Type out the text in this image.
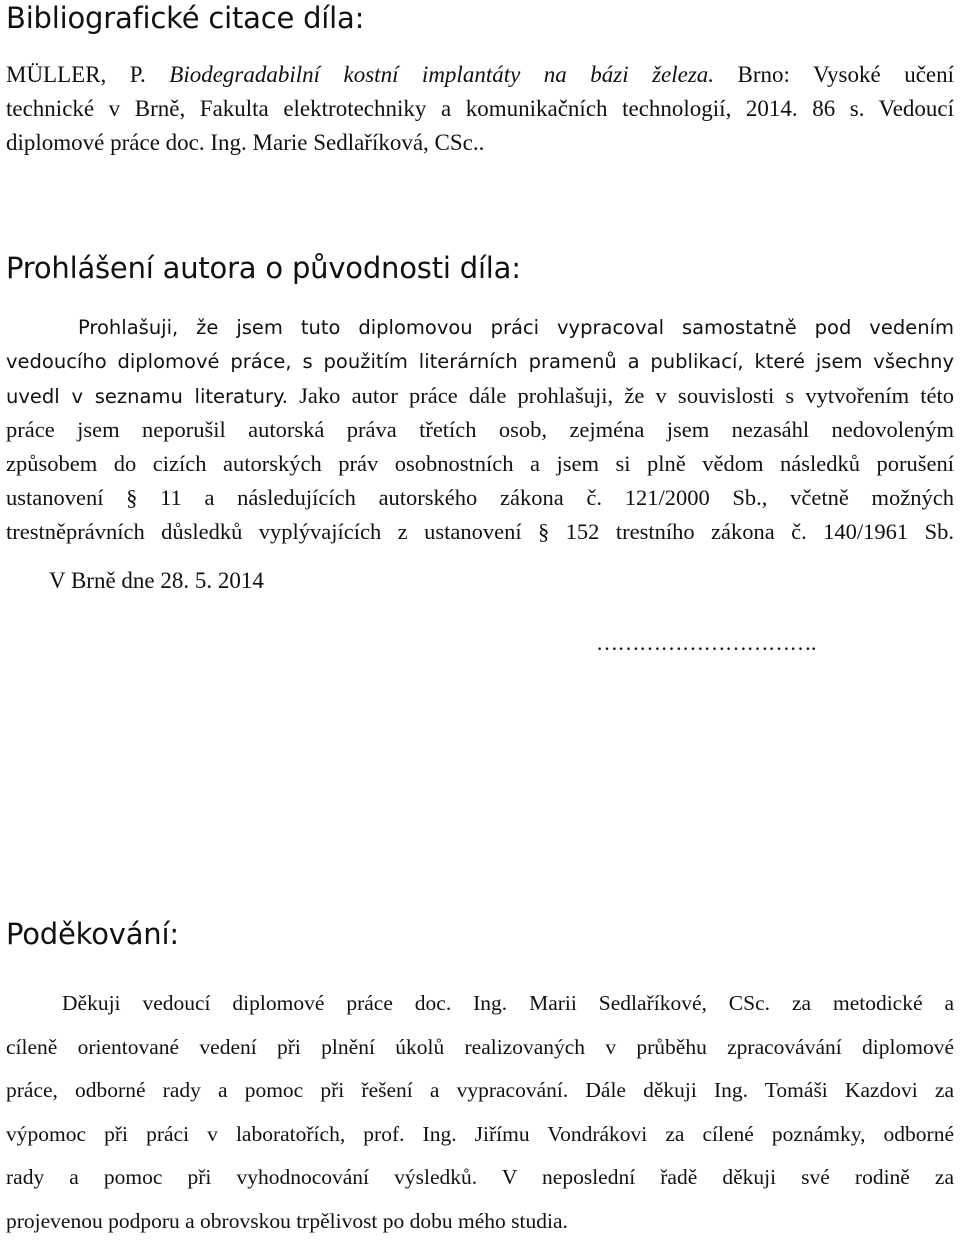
Bibliografické citace díla:
MÜLLER, P. Biodegradabilní kostní implantáty na bázi železa. Brno: Vysoké učení
technické v Brně, Fakulta elektrotechniky a komunikačních technologií, 2014. 86 s. Vedoucí
diplomové práce doc. Ing. Marie Sedlaříková, CSc..
Prohlášení autora o původnosti díla:
Prohlašuji, že jsem tuto diplomovou práci vypracoval samostatně pod vedením
vedoucího diplomové práce, s použitím literárních pramenů a publikací, které jsem všechny
uvedl v seznamu literatury. Jako autor práce dále prohlašuji, že v souvislosti s vytvořením této
práce jsem neporušil autorská práva třetích osob, zejména jsem nezasáhl nedovoleným
způsobem do cizích autorských práv osobnostních a jsem si plně vědom následků porušení
ustanovení § 11 a následujících autorského zákona č. 121/2000 Sb., včetně možných
trestněprávních důsledků vyplývajících z ustanovení § 152 trestního zákona č. 140/1961 Sb.
V Brně dne 28. 5. 2014
………………………….
Poděkování:
Děkuji vedoucí diplomové práce doc. Ing. Marii Sedlaříkové, CSc. za metodické a
cíleně orientované vedení při plnění úkolů realizovaných v průběhu zpracovávání diplomové
práce, odborné rady a pomoc při řešení a vypracování. Dále děkuji Ing. Tomáši Kazdovi za
výpomoc při práci v laboratořích, prof. Ing. Jiřímu Vondrákovi za cílené poznámky, odborné
rady a pomoc při vyhodnocování výsledků. V neposlední řadě děkuji své rodině za
projevenou podporu a obrovskou trpělivost po dobu mého studia.
